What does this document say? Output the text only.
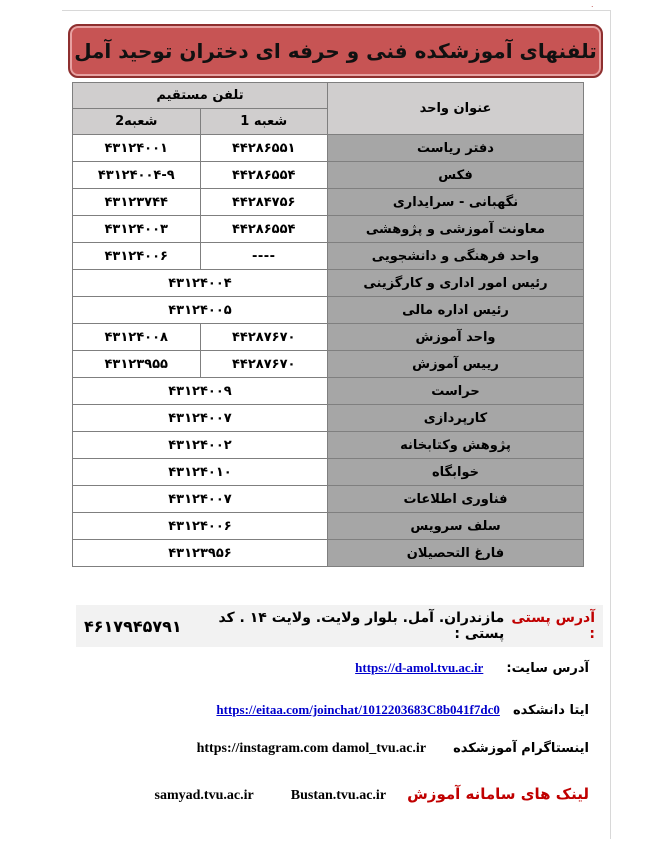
˙
تلفنهای آموزشکده فنی و حرفه ای دختران توحید آمل
عنوان واحد	تلفن مستقیم	
	شعبه 1	شعبه2
دفتر ریاست	۴۴۲۸۶۵۵۱	۴۳۱۲۴۰۰۱
فکس	۴۴۲۸۶۵۵۴	۴۳۱۲۴۰۰۴-۹
نگهبانی - سرایداری	۴۴۲۸۴۷۵۶	۴۳۱۲۳۷۴۴
معاونت آموزشی و پژوهشی	۴۴۲۸۶۵۵۴	۴۳۱۲۴۰۰۳
واحد فرهنگی و دانشجویی	----	۴۳۱۲۴۰۰۶
رئیس امور اداری و کارگزینی	۴۳۱۲۴۰۰۴	
رئیس اداره مالی	۴۳۱۲۴۰۰۵	
واحد آموزش	۴۴۲۸۷۶۷۰	۴۳۱۲۴۰۰۸
رییس آموزش	۴۴۲۸۷۶۷۰	۴۳۱۲۳۹۵۵
حراست	۴۳۱۲۴۰۰۹	
کارپردازی	۴۳۱۲۴۰۰۷	
پژوهش وکتابخانه	۴۳۱۲۴۰۰۲	
خوابگاه	۴۳۱۲۴۰۱۰	
فناوری اطلاعات	۴۳۱۲۴۰۰۷	
سلف سرویس	۴۳۱۲۴۰۰۶	
فارغ التحصیلان	۴۳۱۲۳۹۵۶	
آدرس پستی :
مازندران. آمل. بلوار ولایت. ولایت ۱۴ . کد پستی :
۴۶۱۷۹۴۵۷۹۱
آدرس سایت:  https://d-amol.tvu.ac.ir
ایتا دانشکده  https://eitaa.com/joinchat/1012203683C8b041f7dc0
اینستاگرام آموزشکده  https://instagram.com damol_tvu.ac.ir
لینک های سامانه آموزش  samyad.tvu.ac.ir	Bustan.tvu.ac.ir
